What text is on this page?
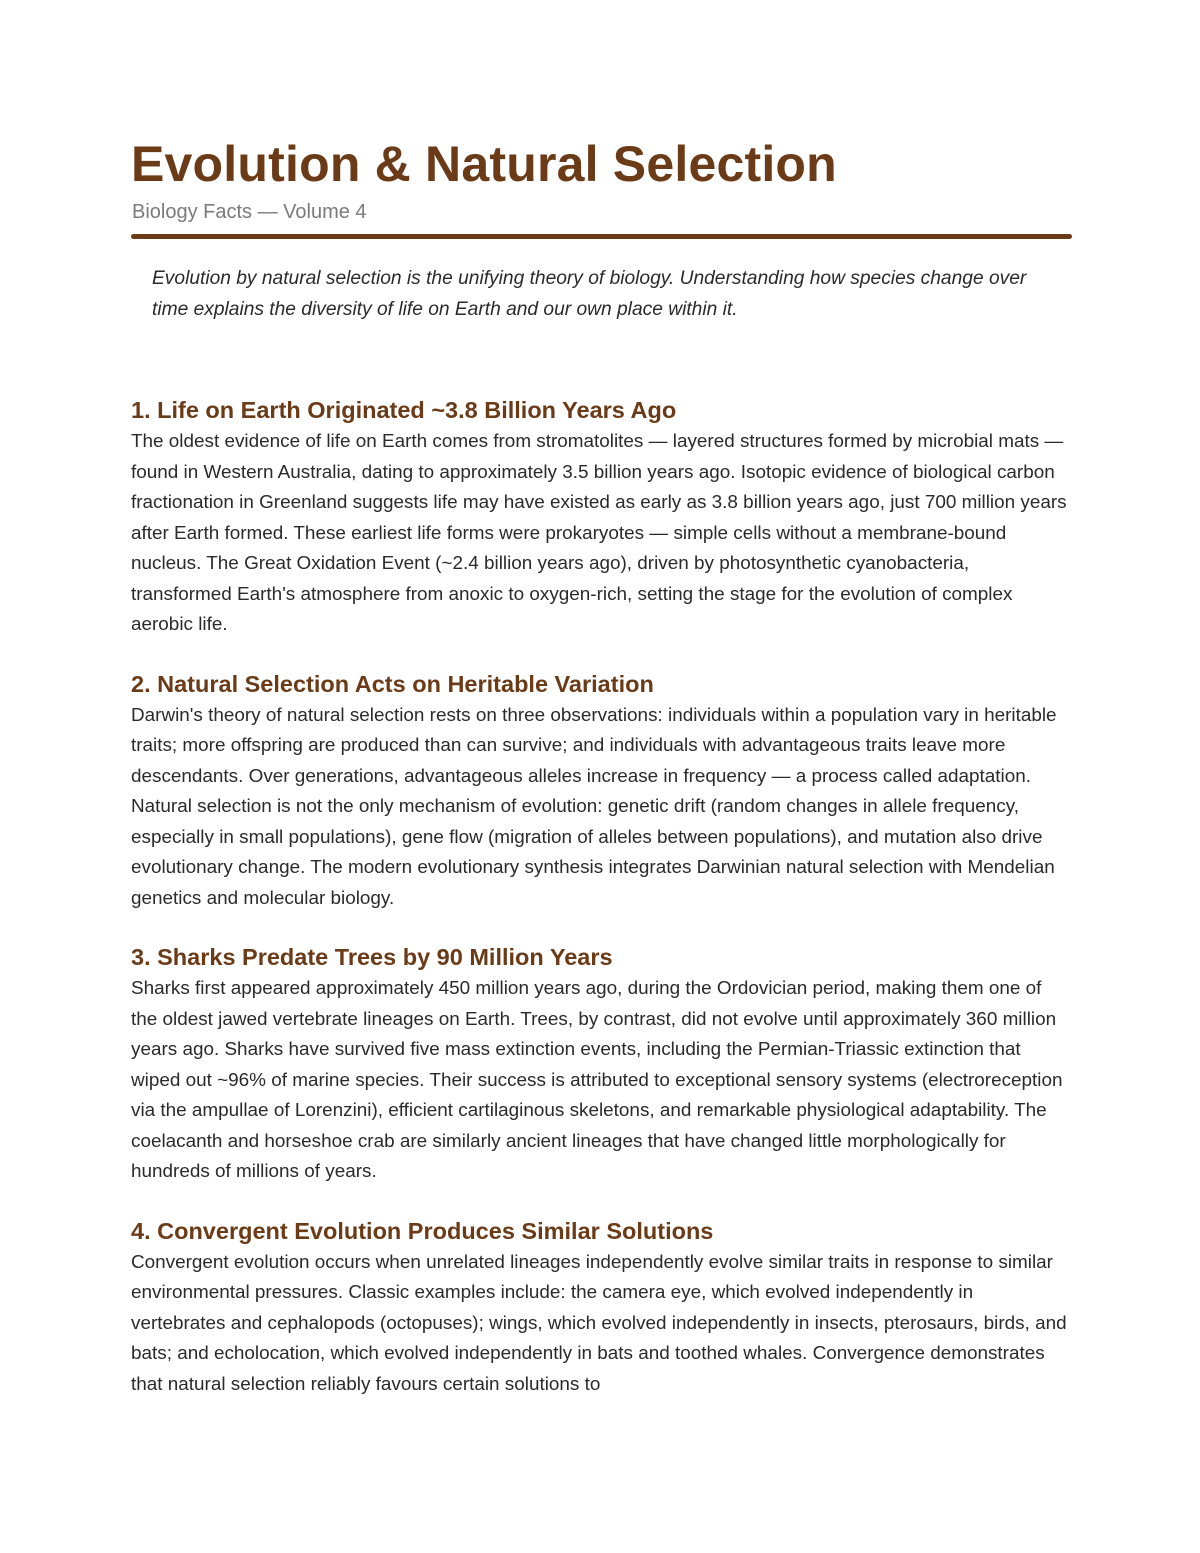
Evolution & Natural Selection
Biology Facts — Volume 4

Evolution by natural selection is the unifying theory of biology. Understanding how species change over time explains the diversity of life on Earth and our own place within it.

1. Life on Earth Originated ~3.8 Billion Years Ago

The oldest evidence of life on Earth comes from stromatolites — layered structures formed by microbial mats — found in Western Australia, dating to approximately 3.5 billion years ago. Isotopic evidence of biological carbon fractionation in Greenland suggests life may have existed as early as 3.8 billion years ago, just 700 million years after Earth formed. These earliest life forms were prokaryotes — simple cells without a membrane-bound nucleus. The Great Oxidation Event (~2.4 billion years ago), driven by photosynthetic cyanobacteria, transformed Earth's atmosphere from anoxic to oxygen-rich, setting the stage for the evolution of complex aerobic life.

2. Natural Selection Acts on Heritable Variation

Darwin's theory of natural selection rests on three observations: individuals within a population vary in heritable traits; more offspring are produced than can survive; and individuals with advantageous traits leave more descendants. Over generations, advantageous alleles increase in frequency — a process called adaptation. Natural selection is not the only mechanism of evolution: genetic drift (random changes in allele frequency, especially in small populations), gene flow (migration of alleles between populations), and mutation also drive evolutionary change. The modern evolutionary synthesis integrates Darwinian natural selection with Mendelian genetics and molecular biology.

3. Sharks Predate Trees by 90 Million Years

Sharks first appeared approximately 450 million years ago, during the Ordovician period, making them one of the oldest jawed vertebrate lineages on Earth. Trees, by contrast, did not evolve until approximately 360 million years ago. Sharks have survived five mass extinction events, including the Permian-Triassic extinction that wiped out ~96% of marine species. Their success is attributed to exceptional sensory systems (electroreception via the ampullae of Lorenzini), efficient cartilaginous skeletons, and remarkable physiological adaptability. The coelacanth and horseshoe crab are similarly ancient lineages that have changed little morphologically for hundreds of millions of years.

4. Convergent Evolution Produces Similar Solutions

Convergent evolution occurs when unrelated lineages independently evolve similar traits in response to similar environmental pressures. Classic examples include: the camera eye, which evolved independently in vertebrates and cephalopods (octopuses); wings, which evolved independently in insects, pterosaurs, birds, and bats; and echolocation, which evolved independently in bats and toothed whales. Convergence demonstrates that natural selection reliably favours certain solutions to
